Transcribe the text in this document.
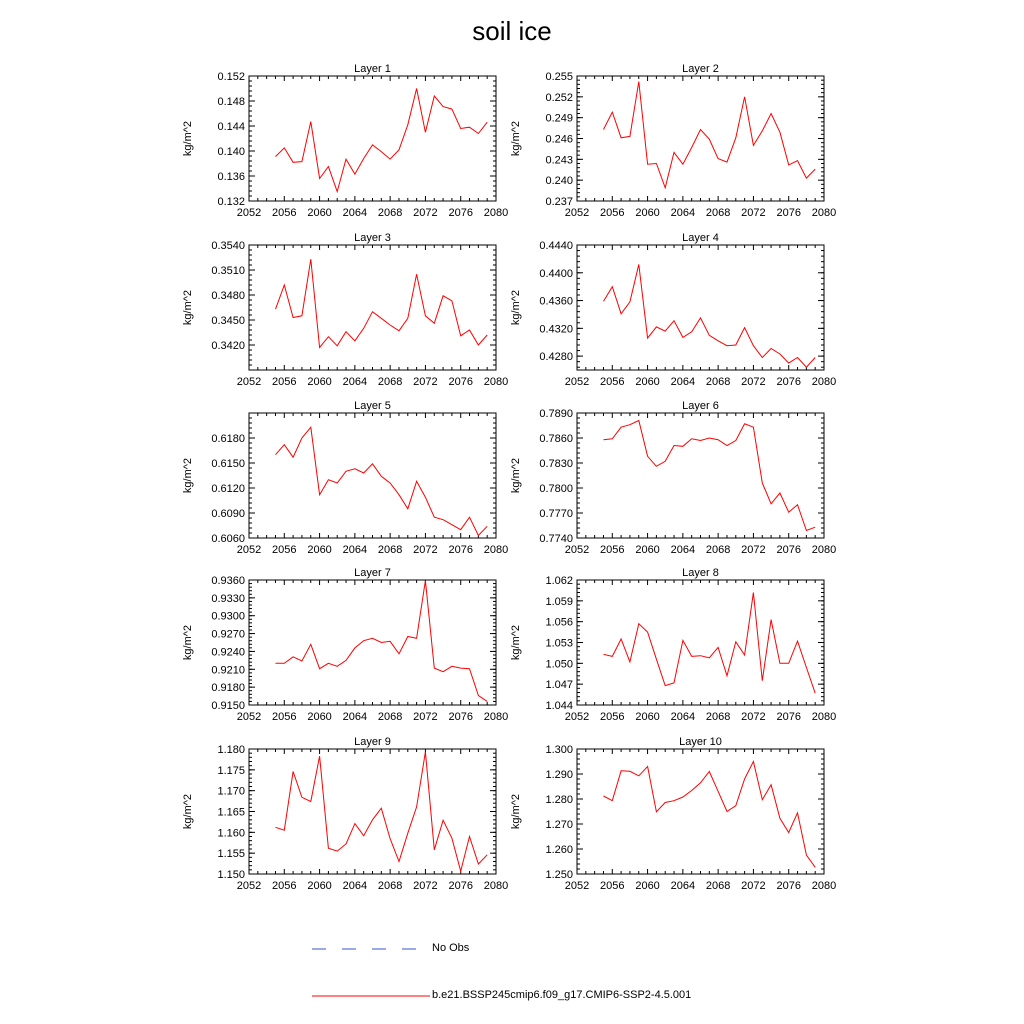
soil ice
Layer 1
kg/m^2
2052 2056 2060 2064 2068 2072 2076 2080
0.132
0.136
0.140
0.144
0.148
0.152
Layer 2
kg/m^2
2052 2056 2060 2064 2068 2072 2076 2080
0.237
0.240
0.243
0.246
0.249
0.252
0.255
Layer 3
kg/m^2
2052 2056 2060 2064 2068 2072 2076 2080
0.3420
0.3450
0.3480
0.3510
0.3540
Layer 4
kg/m^2
2052 2056 2060 2064 2068 2072 2076 2080
0.4280
0.4320
0.4360
0.4400
0.4440
Layer 5
kg/m^2
2052 2056 2060 2064 2068 2072 2076 2080
0.6060
0.6090
0.6120
0.6150
0.6180
Layer 6
kg/m^2
2052 2056 2060 2064 2068 2072 2076 2080
0.7740
0.7770
0.7800
0.7830
0.7860
0.7890
Layer 7
kg/m^2
2052 2056 2060 2064 2068 2072 2076 2080
0.9150
0.9180
0.9210
0.9240
0.9270
0.9300
0.9330
0.9360
Layer 8
kg/m^2
2052 2056 2060 2064 2068 2072 2076 2080
1.044
1.047
1.050
1.053
1.056
1.059
1.062
Layer 9
kg/m^2
2052 2056 2060 2064 2068 2072 2076 2080
1.150
1.155
1.160
1.165
1.170
1.175
1.180
Layer 10
kg/m^2
2052 2056 2060 2064 2068 2072 2076 2080
1.250
1.260
1.270
1.280
1.290
1.300
No Obs
b.e21.BSSP245cmip6.f09_g17.CMIP6-SSP2-4.5.001
